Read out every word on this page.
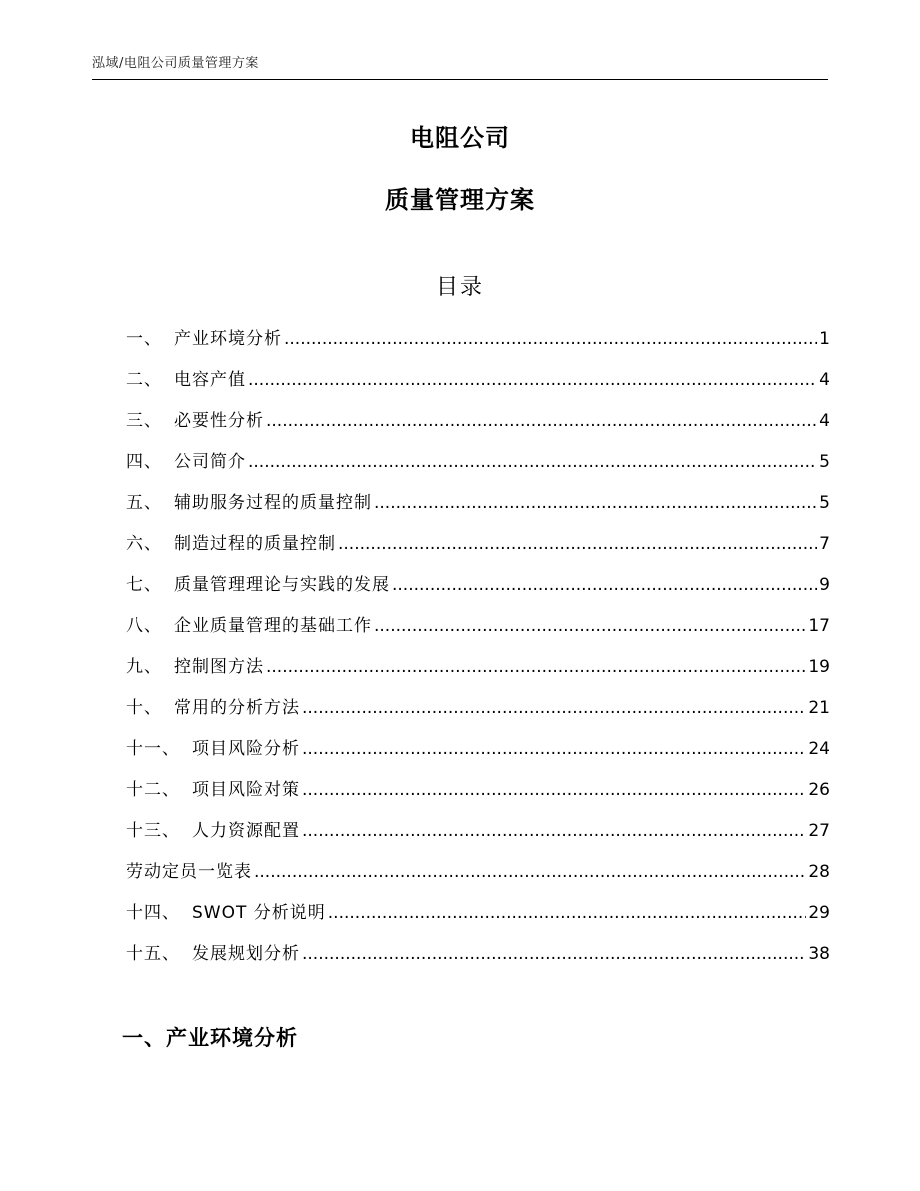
泓域/电阻公司质量管理方案
电阻公司
质量管理方案
目录
一、 产业环境分析 .....	1
二、 电容产值 .....	4
三、 必要性分析 .....	4
四、 公司简介 .....	5
五、 辅助服务过程的质量控制 .....	5
六、 制造过程的质量控制 .....	7
七、 质量管理理论与实践的发展 .....	9
八、 企业质量管理的基础工作 .....	17
九、 控制图方法 .....	19
十、 常用的分析方法 .....	21
十一、 项目风险分析 .....	24
十二、 项目风险对策 .....	26
十三、 人力资源配置 .....	27
劳动定员一览表 .....	28
十四、 SWOT 分析说明 .....	29
十五、 发展规划分析 .....	38
一、产业环境分析
